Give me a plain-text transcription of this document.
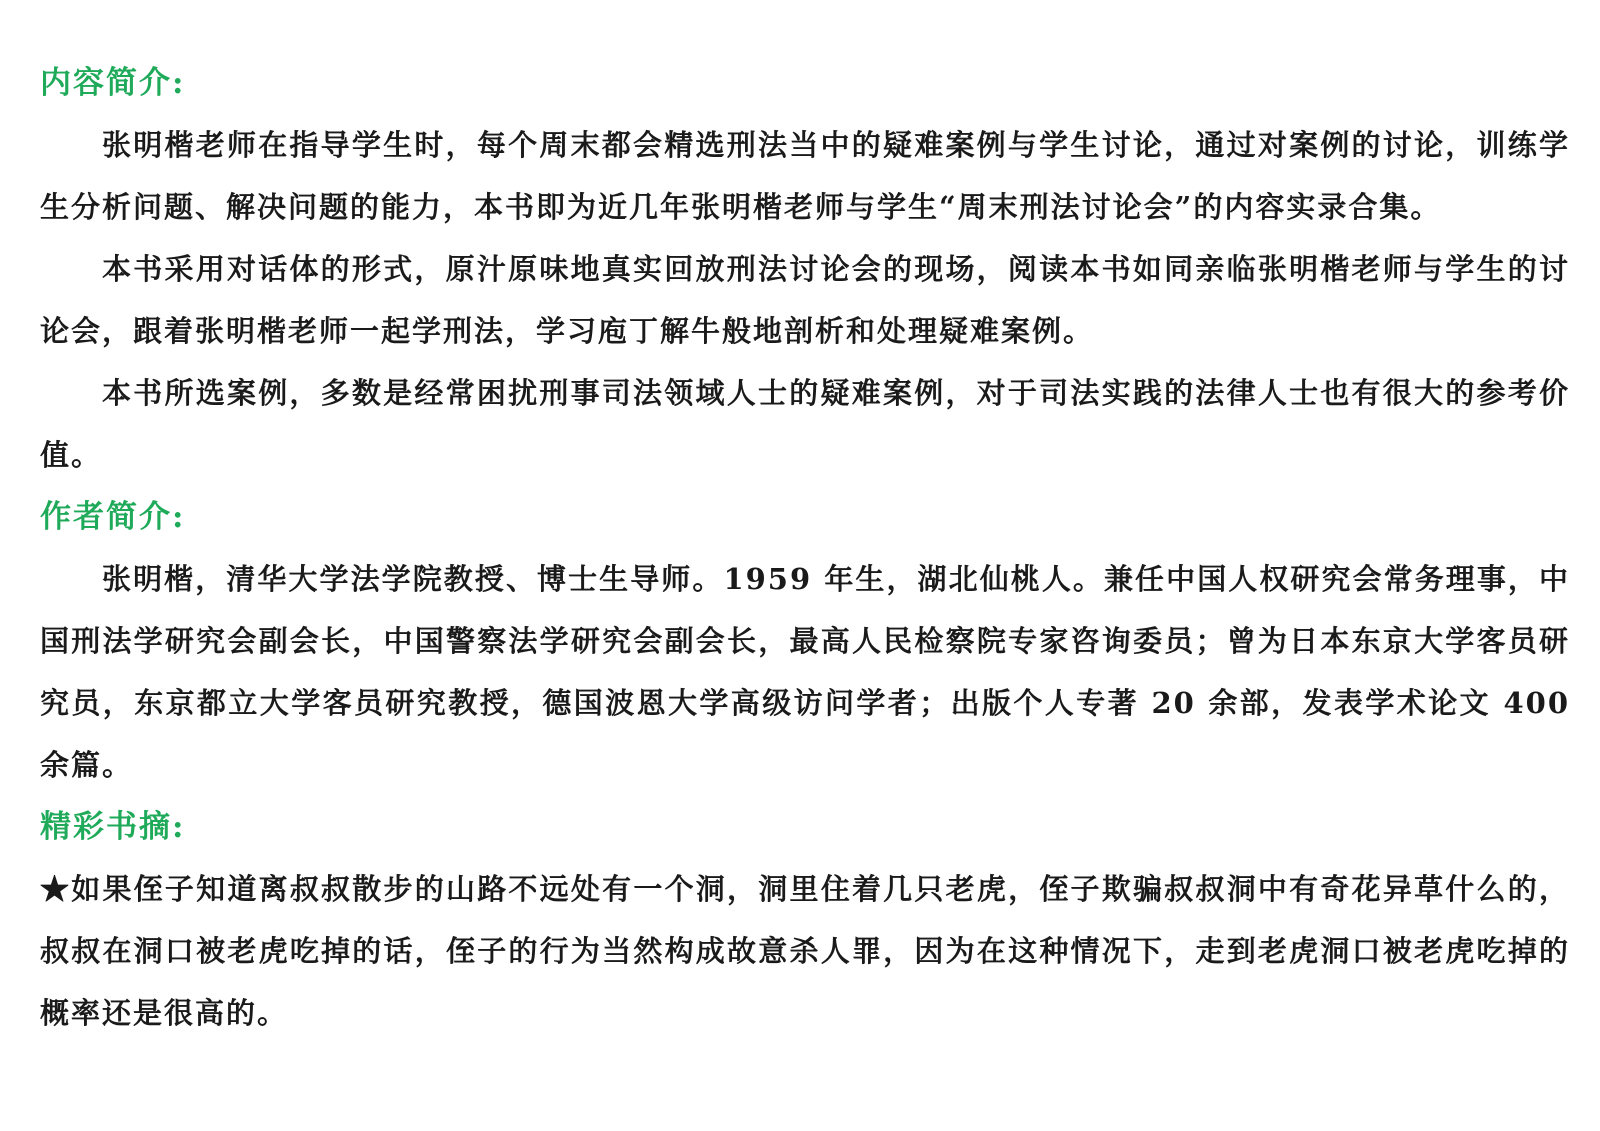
内容简介:

张明楷老师在指导学生时，每个周末都会精选刑法当中的疑难案例与学生讨论，通过对案例的讨论，训练学生分析问题、解决问题的能力，本书即为近几年张明楷老师与学生“周末刑法讨论会”的内容实录合集。

本书采用对话体的形式，原汁原味地真实回放刑法讨论会的现场，阅读本书如同亲临张明楷老师与学生的讨论会，跟着张明楷老师一起学刑法，学习庖丁解牛般地剖析和处理疑难案例。

本书所选案例，多数是经常困扰刑事司法领域人士的疑难案例，对于司法实践的法律人士也有很大的参考价值。

作者简介:

张明楷，清华大学法学院教授、博士生导师。1959 年生，湖北仙桃人。兼任中国人权研究会常务理事，中国刑法学研究会副会长，中国警察法学研究会副会长，最高人民检察院专家咨询委员；曾为日本东京大学客员研究员，东京都立大学客员研究教授，德国波恩大学高级访问学者；出版个人专著 20 余部，发表学术论文 400 余篇。

精彩书摘:

★如果侄子知道离叔叔散步的山路不远处有一个洞，洞里住着几只老虎，侄子欺骗叔叔洞中有奇花异草什么的，叔叔在洞口被老虎吃掉的话，侄子的行为当然构成故意杀人罪，因为在这种情况下，走到老虎洞口被老虎吃掉的概率还是很高的。
